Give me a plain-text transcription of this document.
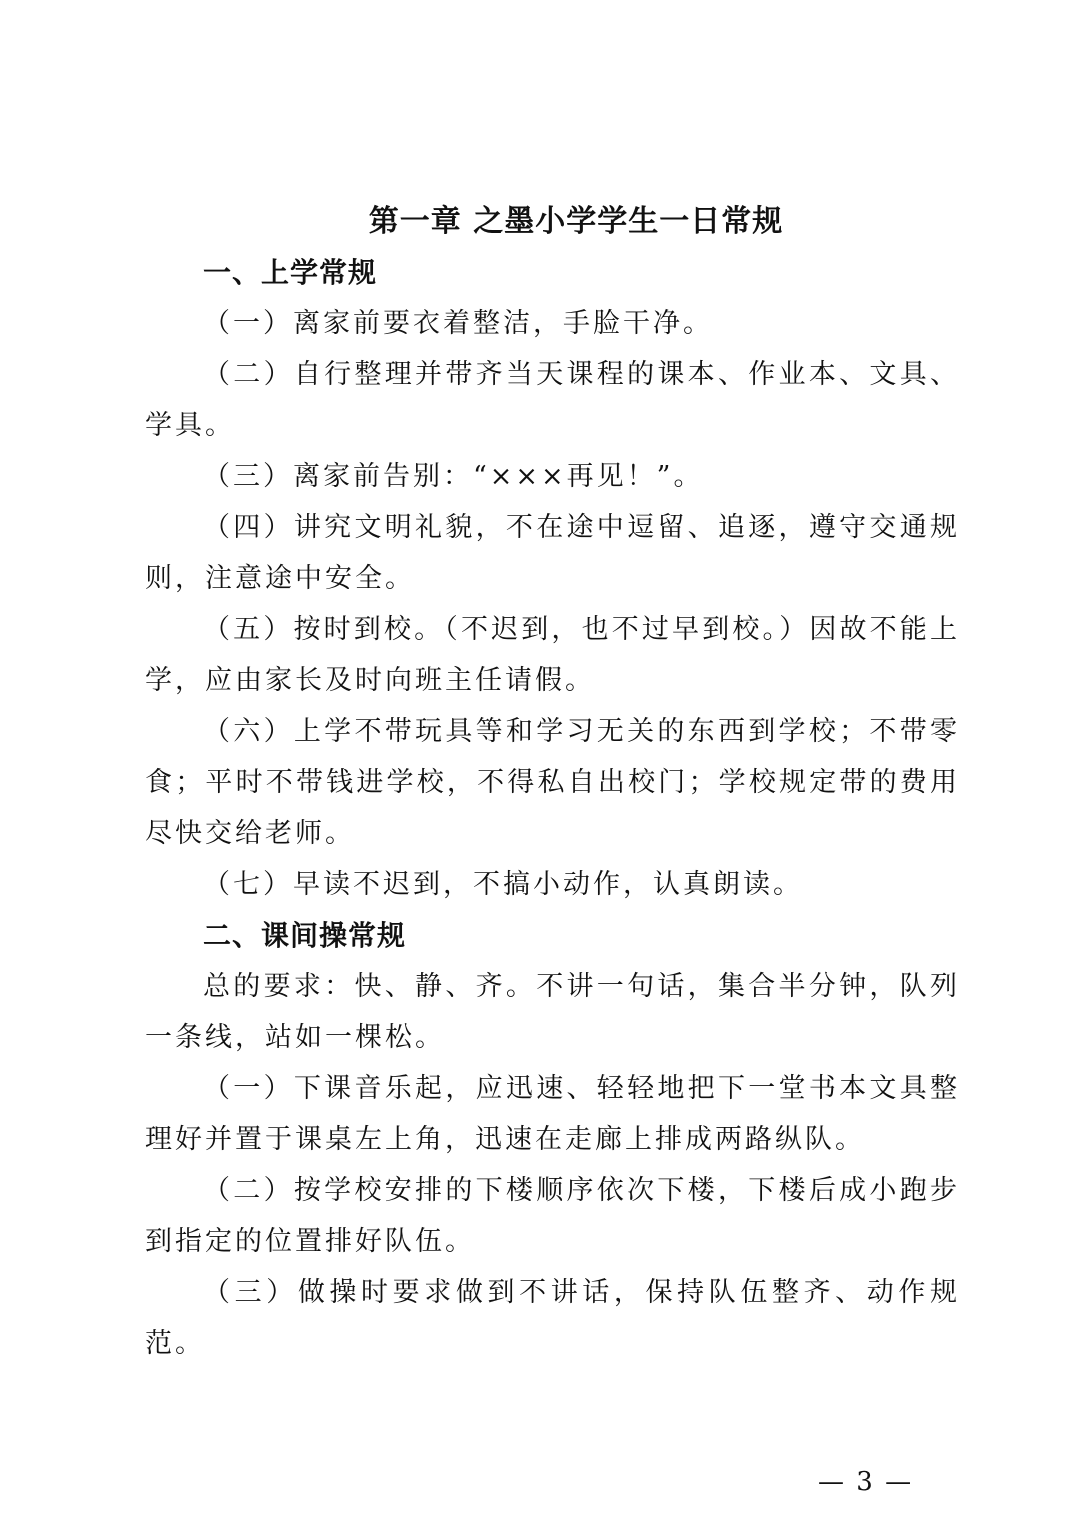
第一章 之墨小学学生一日常规

一、上学常规

（一）离家前要衣着整洁，手脸干净。

（二）自行整理并带齐当天课程的课本、作业本、文具、学具。

（三）离家前告别：“×××再见！”。

（四）讲究文明礼貌，不在途中逗留、追逐，遵守交通规则，注意途中安全。

（五）按时到校。（不迟到，也不过早到校。）因故不能上学，应由家长及时向班主任请假。

（六）上学不带玩具等和学习无关的东西到学校；不带零食；平时不带钱进学校，不得私自出校门；学校规定带的费用尽快交给老师。

（七）早读不迟到，不搞小动作，认真朗读。

二、课间操常规

总的要求：快、静、齐。不讲一句话，集合半分钟，队列一条线，站如一棵松。

（一）下课音乐起，应迅速、轻轻地把下一堂书本文具整理好并置于课桌左上角，迅速在走廊上排成两路纵队。

（二）按学校安排的下楼顺序依次下楼，下楼后成小跑步到指定的位置排好队伍。

（三）做操时要求做到不讲话，保持队伍整齐、动作规范。

— 3 —
